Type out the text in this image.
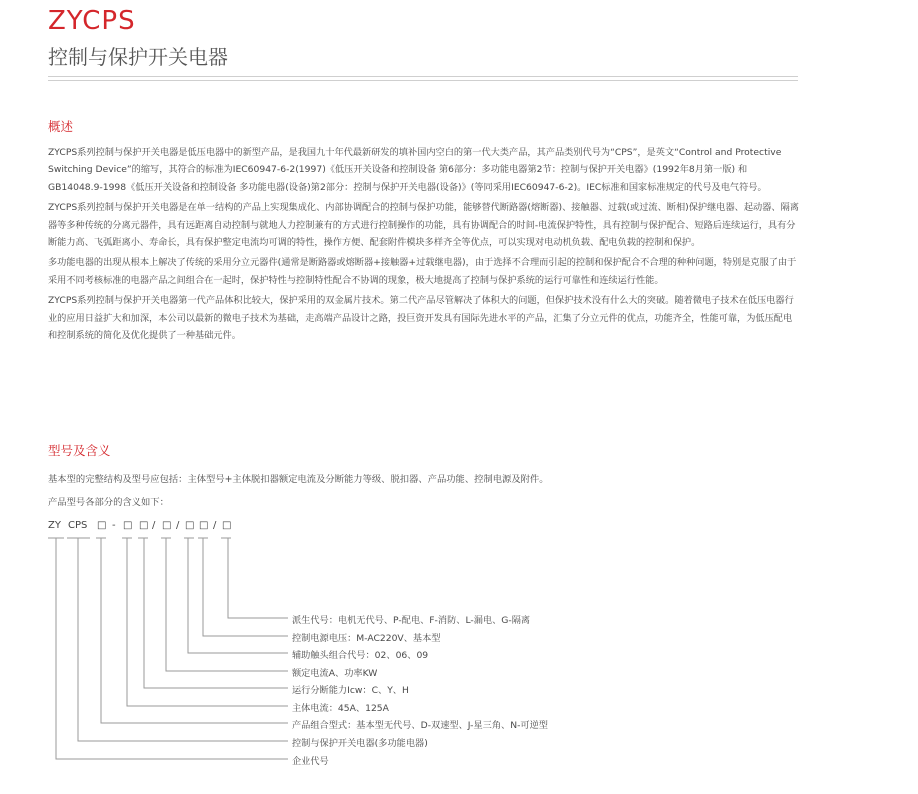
ZYCPS
控制与保护开关电器
概述

ZYCPS系列控制与保护开关电器是低压电器中的新型产品，是我国九十年代最新研发的填补国内空白的第一代大类产品，其产品类别代号为“CPS”，是英文“Control and Protective Switching Device”的缩写，其符合的标准为IEC60947-6-2(1997)《低压开关设备和控制设备 第6部分：多功能电器第2节：控制与保护开关电器》(1992年8月第一版) 和GB14048.9-1998《低压开关设备和控制设备 多功能电器(设备)第2部分：控制与保护开关电器(设备)》(等同采用IEC60947-6-2)。IEC标准和国家标准规定的代号及电气符号。

ZYCPS系列控制与保护开关电器是在单一结构的产品上实现集成化、内部协调配合的控制与保护功能，能够替代断路器(熔断器)、接触器、过载(或过流、断相)保护继电器、起动器、隔离器等多种传统的分离元器件，具有远距离自动控制与就地人力控制兼有的方式进行控制操作的功能，具有协调配合的时间-电流保护特性，具有控制与保护配合、短路后连续运行，具有分断能力高、飞弧距离小、寿命长，具有保护整定电流均可调的特性，操作方便、配套附件模块多样齐全等优点，可以实现对电动机负载、配电负载的控制和保护。

多功能电器的出现从根本上解决了传统的采用分立元器件(通常是断路器或熔断器+接触器+过载继电器)，由于选择不合理而引起的控制和保护配合不合理的种种问题，特别是克服了由于采用不同考核标准的电器产品之间组合在一起时，保护特性与控制特性配合不协调的现象，极大地提高了控制与保护系统的运行可靠性和连续运行性能。

ZYCPS系列控制与保护开关电器第一代产品体积比较大，保护采用的双金属片技术。第二代产品尽管解决了体积大的问题，但保护技术没有什么大的突破。随着微电子技术在低压电器行业的应用日益扩大和加深，本公司以最新的微电子技术为基础，走高端产品设计之路，投巨资开发具有国际先进水平的产品，汇集了分立元件的优点，功能齐全，性能可靠，为低压配电和控制系统的简化及优化提供了一种基础元件。

型号及含义
基本型的完整结构及型号应包括：主体型号+主体脱扣器额定电流及分断能力等级、脱扣器、产品功能、控制电源及附件。
产品型号各部分的含义如下：
ZY CPS □ - □ □ / □ / □ □ / □
派生代号：电机无代号、P-配电、F-消防、L-漏电、G-隔离
控制电源电压：M-AC220V、基本型
辅助触头组合代号：02、06、09
额定电流A、功率KW
运行分断能力Icw：C、Y、H
主体电流：45A、125A
产品组合型式：基本型无代号、D-双速型、J-星三角、N-可逆型
控制与保护开关电器(多功能电器)
企业代号
